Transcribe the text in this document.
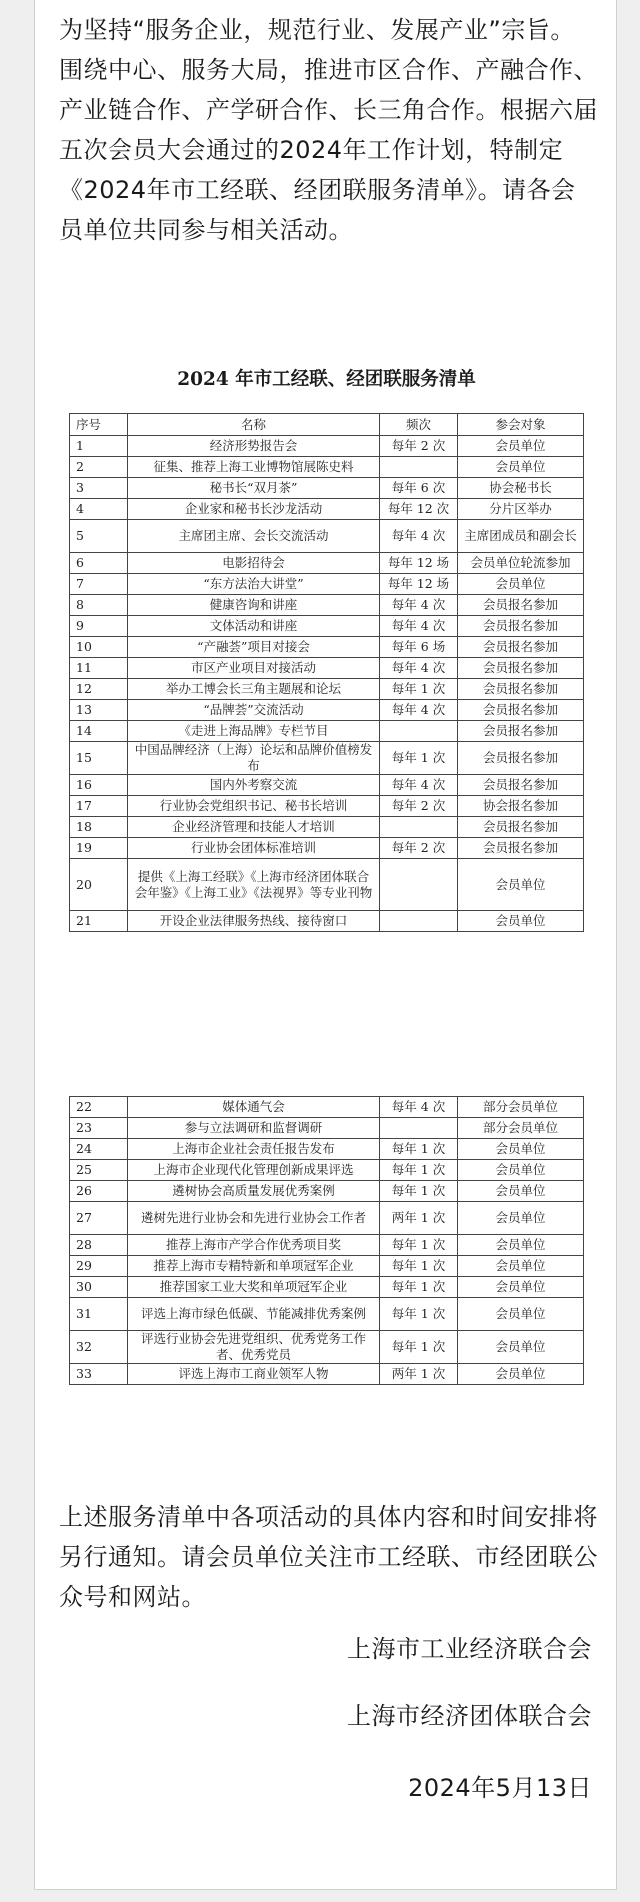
为坚持“服务企业，规范行业、发展产业”宗旨。围绕中心、服务大局，推进市区合作、产融合作、产业链合作、产学研合作、长三角合作。根据六届五次会员大会通过的2024年工作计划，特制定《2024年市工经联、经团联服务清单》。请各会员单位共同参与相关活动。
2024 年市工经联、经团联服务清单
序号	名称	频次	参会对象
1	经济形势报告会	每年 2 次	会员单位
2	征集、推荐上海工业博物馆展陈史料		会员单位
3	秘书长“双月茶”	每年 6 次	协会秘书长
4	企业家和秘书长沙龙活动	每年 12 次	分片区举办
5	主席团主席、会长交流活动	每年 4 次	主席团成员和副会长
6	电影招待会	每年 12 场	会员单位轮流参加
7	“东方法治大讲堂”	每年 12 场	会员单位
8	健康咨询和讲座	每年 4 次	会员报名参加
9	文体活动和讲座	每年 4 次	会员报名参加
10	“产融荟”项目对接会	每年 6 场	会员报名参加
11	市区产业项目对接活动	每年 4 次	会员报名参加
12	举办工博会长三角主题展和论坛	每年 1 次	会员报名参加
13	“品牌荟”交流活动	每年 4 次	会员报名参加
14	《走进上海品牌》专栏节目		会员报名参加
15	中国品牌经济（上海）论坛和品牌价值榜发布	每年 1 次	会员报名参加
16	国内外考察交流	每年 4 次	会员报名参加
17	行业协会党组织书记、秘书长培训	每年 2 次	协会报名参加
18	企业经济管理和技能人才培训		会员报名参加
19	行业协会团体标准培训	每年 2 次	会员报名参加
20	提供《上海工经联》《上海市经济团体联合会年鉴》《上海工业》《法视界》等专业刊物		会员单位
21	开设企业法律服务热线、接待窗口		会员单位
22	媒体通气会	每年 4 次	部分会员单位
23	参与立法调研和监督调研		部分会员单位
24	上海市企业社会责任报告发布	每年 1 次	会员单位
25	上海市企业现代化管理创新成果评选	每年 1 次	会员单位
26	遴树协会高质量发展优秀案例	每年 1 次	会员单位
27	遴树先进行业协会和先进行业协会工作者	两年 1 次	会员单位
28	推荐上海市产学合作优秀项目奖	每年 1 次	会员单位
29	推荐上海市专精特新和单项冠军企业	每年 1 次	会员单位
30	推荐国家工业大奖和单项冠军企业	每年 1 次	会员单位
31	评选上海市绿色低碳、节能减排优秀案例	每年 1 次	会员单位
32	评选行业协会先进党组织、优秀党务工作者、优秀党员	每年 1 次	会员单位
33	评选上海市工商业领军人物	两年 1 次	会员单位
上述服务清单中各项活动的具体内容和时间安排将另行通知。请会员单位关注市工经联、市经团联公众号和网站。
上海市工业经济联合会
上海市经济团体联合会
2024年5月13日
